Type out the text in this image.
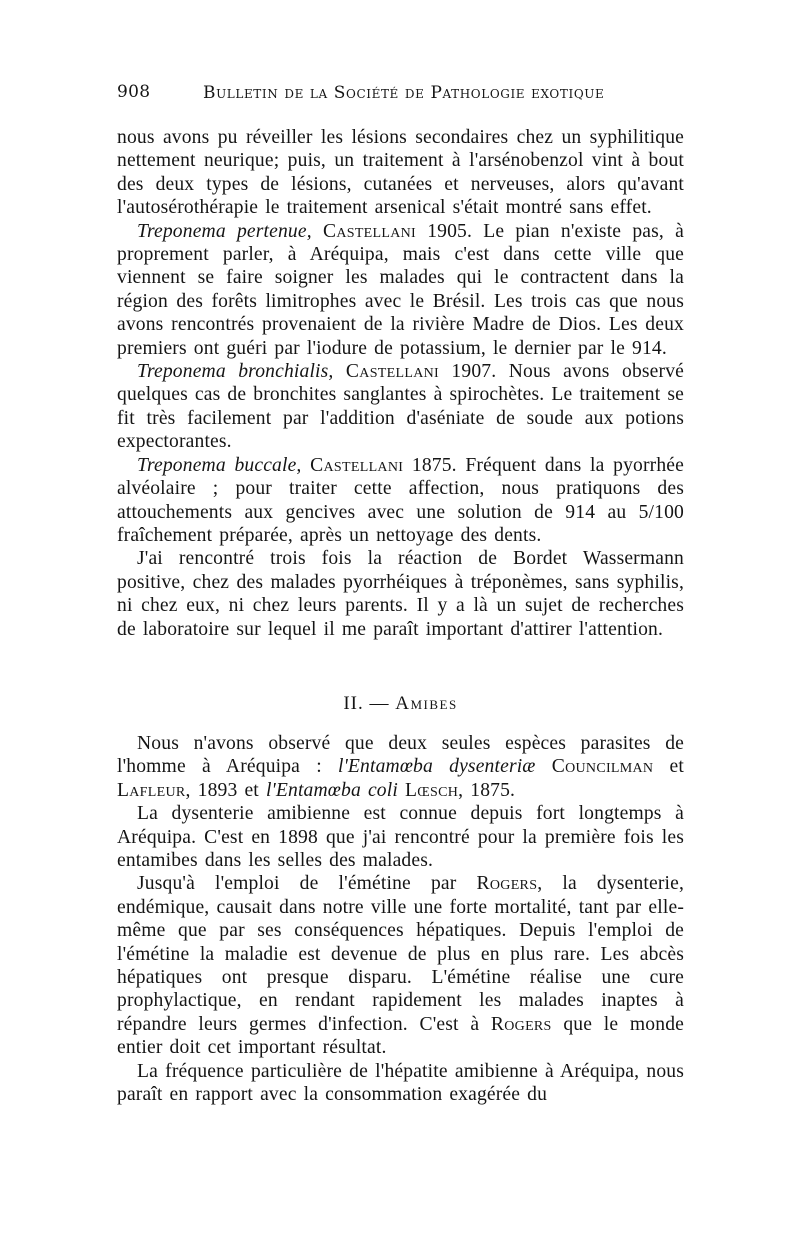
908	Bulletin de la Société de Pathologie exotique

nous avons pu réveiller les lésions secondaires chez un syphilitique nettement neurique; puis, un traitement à l'arsénobenzol vint à bout des deux types de lésions, cutanées et nerveuses, alors qu'avant l'autosérothérapie le traitement arsenical s'était montré sans effet.

Treponema pertenue, Castellani 1905. Le pian n'existe pas, à proprement parler, à Aréquipa, mais c'est dans cette ville que viennent se faire soigner les malades qui le contractent dans la région des forêts limitrophes avec le Brésil. Les trois cas que nous avons rencontrés provenaient de la rivière Madre de Dios. Les deux premiers ont guéri par l'iodure de potassium, le dernier par le 914.

Treponema bronchialis, Castellani 1907. Nous avons observé quelques cas de bronchites sanglantes à spirochètes. Le traitement se fit très facilement par l'addition d'aséniate de soude aux potions expectorantes.

Treponema buccale, Castellani 1875. Fréquent dans la pyorrhée alvéolaire ; pour traiter cette affection, nous pratiquons des attouchements aux gencives avec une solution de 914 au 5/100 fraîchement préparée, après un nettoyage des dents.

J'ai rencontré trois fois la réaction de Bordet Wassermann positive, chez des malades pyorrhéiques à tréponèmes, sans syphilis, ni chez eux, ni chez leurs parents. Il y a là un sujet de recherches de laboratoire sur lequel il me paraît important d'attirer l'attention.

II. — Amibes

Nous n'avons observé que deux seules espèces parasites de l'homme à Aréquipa : l'Entamœba dysenteriæ Councilman et Lafleur, 1893 et l'Entamœba coli Lœsch, 1875.

La dysenterie amibienne est connue depuis fort longtemps à Aréquipa. C'est en 1898 que j'ai rencontré pour la première fois les entamibes dans les selles des malades.

Jusqu'à l'emploi de l'émétine par Rogers, la dysenterie, endémique, causait dans notre ville une forte mortalité, tant par elle-même que par ses conséquences hépatiques. Depuis l'emploi de l'émétine la maladie est devenue de plus en plus rare. Les abcès hépatiques ont presque disparu. L'émétine réalise une cure prophylactique, en rendant rapidement les malades inaptes à répandre leurs germes d'infection. C'est à Rogers que le monde entier doit cet important résultat.

La fréquence particulière de l'hépatite amibienne à Aréquipa, nous paraît en rapport avec la consommation exagérée du
